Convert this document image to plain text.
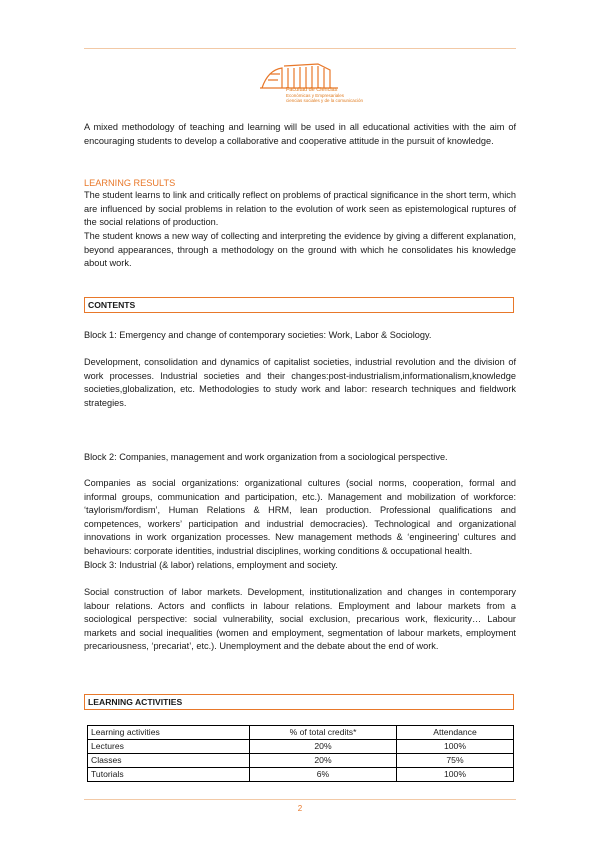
Facultad de Ciencias
Económicas y Empresariales
ciencias sociales y de la comunicación

A mixed methodology of teaching and learning will be used in all educational activities with the aim of encouraging students to develop a collaborative and cooperative attitude in the pursuit of knowledge.

LEARNING RESULTS

The student learns to link and critically reflect on problems of practical significance in the short term, which are influenced by social problems in relation to the evolution of work seen as epistemological ruptures of the social relations of production.

The student knows a new way of collecting and interpreting the evidence by giving a different explanation, beyond appearances, through a methodology on the ground with which he consolidates his knowledge about work.

CONTENTS

Block 1: Emergency and change of contemporary societies: Work, Labor & Sociology.

Development, consolidation and dynamics of capitalist societies, industrial revolution and the division of work processes. Industrial societies and their changes:post-industrialism,informationalism,knowledge societies,globalization, etc. Methodologies to study work and labor: research techniques and fieldwork strategies.

Block 2: Companies, management and work organization from a sociological perspective.

Companies as social organizations: organizational cultures (social norms, cooperation, formal and informal groups, communication and participation, etc.). Management and mobilization of workforce: ‘taylorism/fordism’, Human Relations & HRM, lean production. Professional qualifications and competences, workers’ participation and industrial democracies). Technological and organizational innovations in work organization processes. New management methods & ‘engineering’ cultures and behaviours: corporate identities, industrial disciplines, working conditions & occupational health.

Block 3: Industrial (& labor) relations, employment and society.

Social construction of labor markets. Development, institutionalization and changes in contemporary labour relations. Actors and conflicts in labour relations. Employment and labour markets from a sociological perspective: social vulnerability, social exclusion, precarious work, flexicurity… Labour markets and social inequalities (women and employment, segmentation of labour markets, employment precariousness, ‘precariat’, etc.). Unemployment and the debate about the end of work.

LEARNING ACTIVITIES
Learning activities	% of total credits*	Attendance
Lectures	20%	100%
Classes	20%	75%
Tutorials	6%	100%
2
